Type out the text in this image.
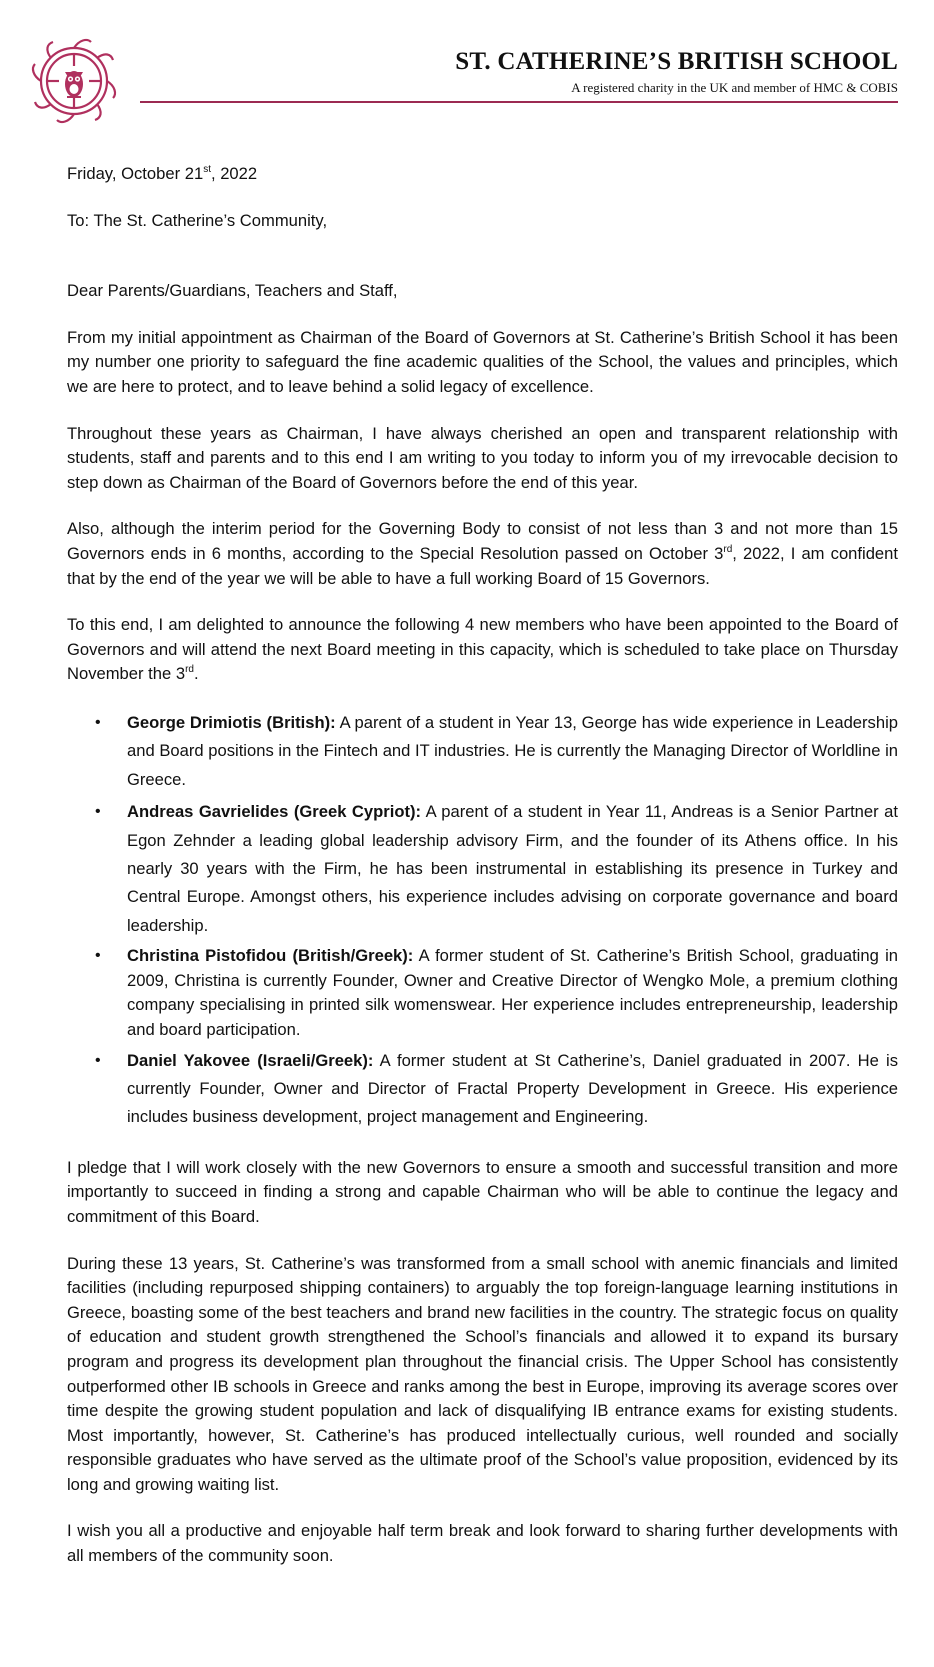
ST. CATHERINE’S BRITISH SCHOOL
A registered charity in the UK and member of HMC & COBIS
Friday, October 21st, 2022
To: The St. Catherine’s Community,
Dear Parents/Guardians, Teachers and Staff,

From my initial appointment as Chairman of the Board of Governors at St. Catherine’s British School it has been my number one priority to safeguard the fine academic qualities of the School, the values and principles, which we are here to protect, and to leave behind a solid legacy of excellence.

Throughout these years as Chairman, I have always cherished an open and transparent relationship with students, staff and parents and to this end I am writing to you today to inform you of my irrevocable decision to step down as Chairman of the Board of Governors before the end of this year.

Also, although the interim period for the Governing Body to consist of not less than 3 and not more than 15 Governors ends in 6 months, according to the Special Resolution passed on October 3rd, 2022, I am confident that by the end of the year we will be able to have a full working Board of 15 Governors.

To this end, I am delighted to announce the following 4 new members who have been appointed to the Board of Governors and will attend the next Board meeting in this capacity, which is scheduled to take place on Thursday November the 3rd.

• George Drimiotis (British): A parent of a student in Year 13, George has wide experience in Leadership and Board positions in the Fintech and IT industries. He is currently the Managing Director of Worldline in Greece.
• Andreas Gavrielides (Greek Cypriot): A parent of a student in Year 11, Andreas is a Senior Partner at Egon Zehnder a leading global leadership advisory Firm, and the founder of its Athens office. In his nearly 30 years with the Firm, he has been instrumental in establishing its presence in Turkey and Central Europe. Amongst others, his experience includes advising on corporate governance and board leadership.
• Christina Pistofidou (British/Greek): A former student of St. Catherine’s British School, graduating in 2009, Christina is currently Founder, Owner and Creative Director of Wengko Mole, a premium clothing company specialising in printed silk womenswear. Her experience includes entrepreneurship, leadership and board participation.
• Daniel Yakovee (Israeli/Greek): A former student at St Catherine’s, Daniel graduated in 2007. He is currently Founder, Owner and Director of Fractal Property Development in Greece. His experience includes business development, project management and Engineering.

I pledge that I will work closely with the new Governors to ensure a smooth and successful transition and more importantly to succeed in finding a strong and capable Chairman who will be able to continue the legacy and commitment of this Board.

During these 13 years, St. Catherine’s was transformed from a small school with anemic financials and limited facilities (including repurposed shipping containers) to arguably the top foreign-language learning institutions in Greece, boasting some of the best teachers and brand new facilities in the country. The strategic focus on quality of education and student growth strengthened the School’s financials and allowed it to expand its bursary program and progress its development plan throughout the financial crisis. The Upper School has consistently outperformed other IB schools in Greece and ranks among the best in Europe, improving its average scores over time despite the growing student population and lack of disqualifying IB entrance exams for existing students. Most importantly, however, St. Catherine’s has produced intellectually curious, well rounded and socially responsible graduates who have served as the ultimate proof of the School’s value proposition, evidenced by its long and growing waiting list.

I wish you all a productive and enjoyable half term break and look forward to sharing further developments with all members of the community soon.
